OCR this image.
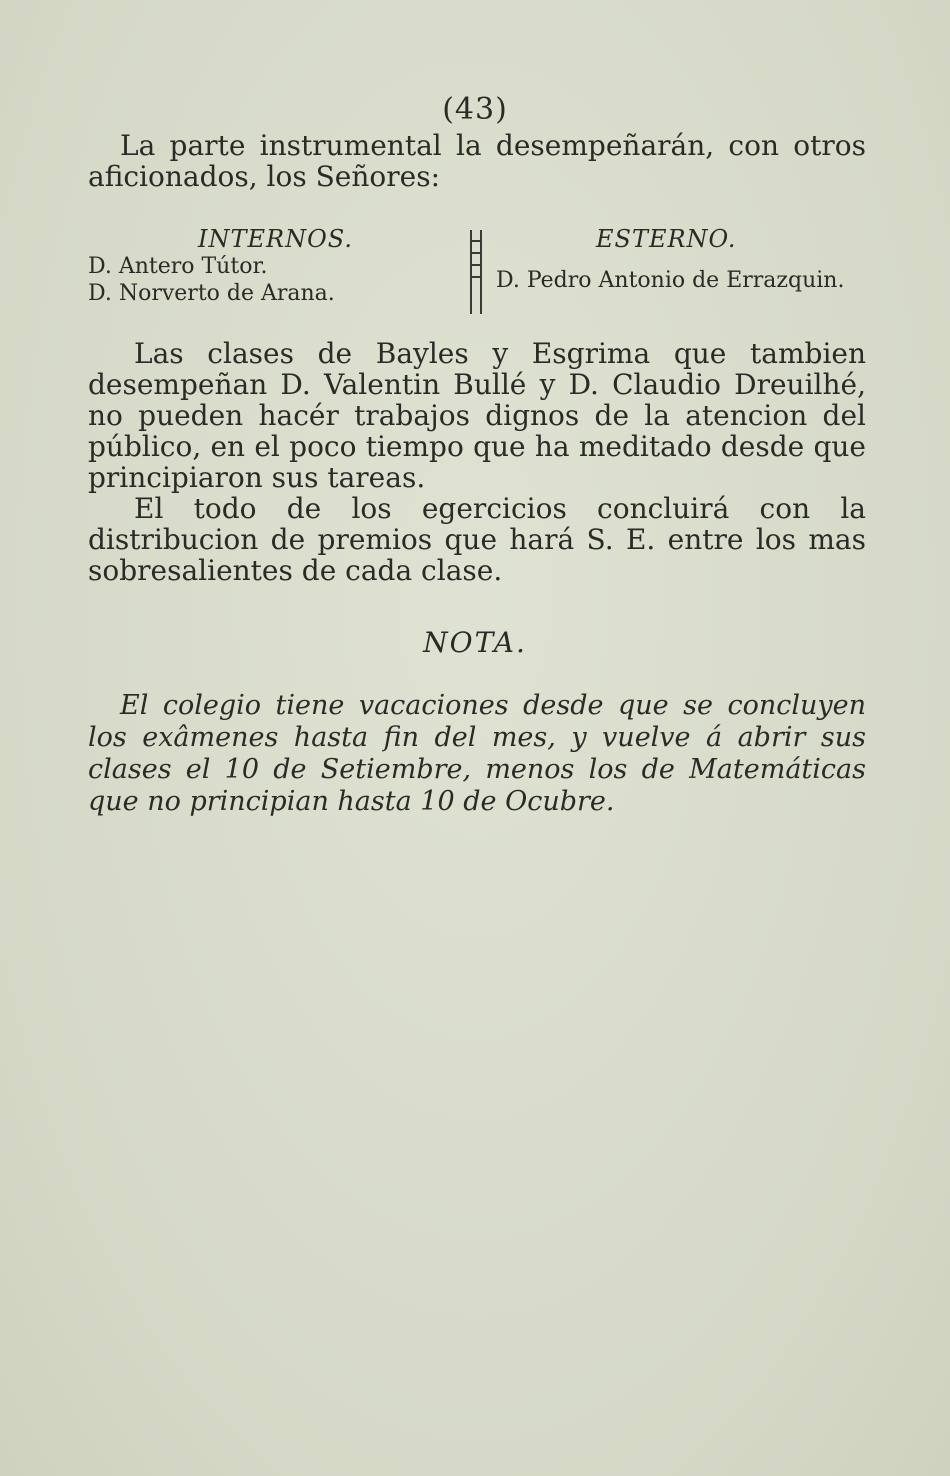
(43)
La parte instrumental la desempeñarán, con otros
aficionados, los Señores:
INTERNOS.
D. Antero Tútor.
D. Norverto de Arana.
ESTERNO.
D. Pedro Antonio de Errazquin.

Las clases de Bayles y Esgrima que tambien desempeñan D. Valentin Bullé y D. Claudio Dreuilhé, no pueden hacér trabajos dignos de la atencion del público, en el poco tiempo que ha meditado desde que principiaron sus tareas.

El todo de los egercicios concluirá con la distribucion de premios que hará S. E. entre los mas sobresalientes de cada clase.

NOTA.

El colegio tiene vacaciones desde que se concluyen los exâmenes hasta fin del mes, y vuelve á abrir sus clases el 10 de Setiembre, menos los de Matemáticas que no principian hasta 10 de Ocubre.
